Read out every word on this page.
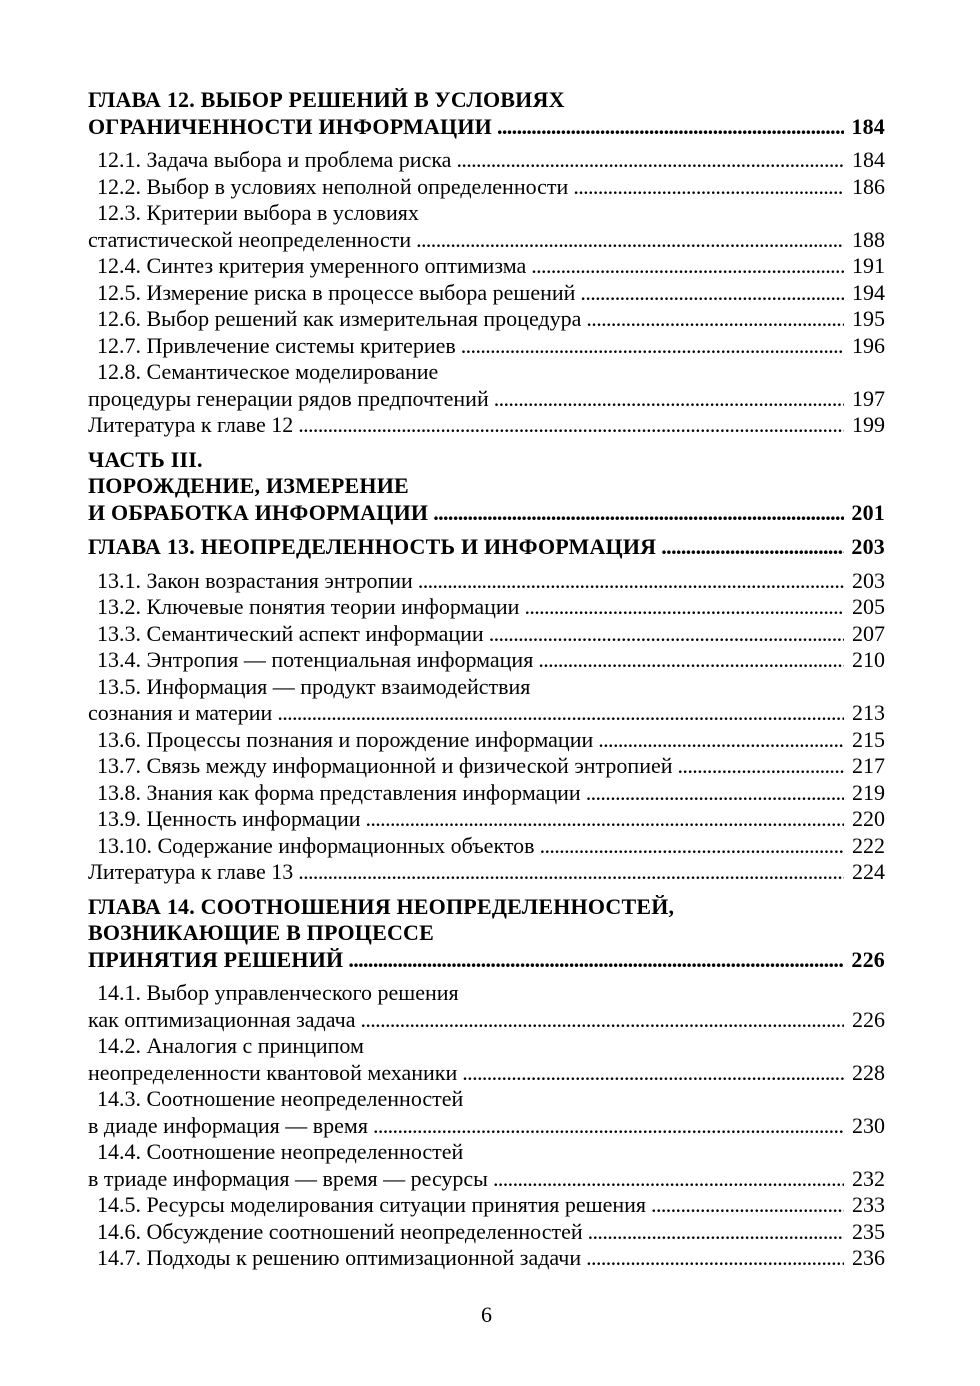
ГЛАВА 12. ВЫБОР РЕШЕНИЙ В УСЛОВИЯХ
ОГРАНИЧЕННОСТИ ИНФОРМАЦИИ .....	184
12.1. Задача выбора и проблема риска .....	184
12.2. Выбор в условиях неполной определенности .....	186
12.3. Критерии выбора в условиях
статистической неопределенности .....	188
12.4. Синтез критерия умеренного оптимизма .....	191
12.5. Измерение риска в процессе выбора решений .....	194
12.6. Выбор решений как измерительная процедура .....	195
12.7. Привлечение системы критериев .....	196
12.8. Семантическое моделирование
процедуры генерации рядов предпочтений .....	197
Литература к главе 12 .....	199
ЧАСТЬ III.
ПОРОЖДЕНИЕ, ИЗМЕРЕНИЕ
И ОБРАБОТКА ИНФОРМАЦИИ .....	201
ГЛАВА 13. НЕОПРЕДЕЛЕННОСТЬ И ИНФОРМАЦИЯ .....	203
13.1. Закон возрастания энтропии .....	203
13.2. Ключевые понятия теории информации .....	205
13.3. Семантический аспект информации .....	207
13.4. Энтропия — потенциальная информация .....	210
13.5. Информация — продукт взаимодействия
сознания и материи .....	213
13.6. Процессы познания и порождение информации .....	215
13.7. Связь между информационной и физической энтропией .....	217
13.8. Знания как форма представления информации .....	219
13.9. Ценность информации .....	220
13.10. Содержание информационных объектов .....	222
Литература к главе 13 .....	224
ГЛАВА 14. СООТНОШЕНИЯ НЕОПРЕДЕЛЕННОСТЕЙ,
ВОЗНИКАЮЩИЕ В ПРОЦЕССЕ
ПРИНЯТИЯ РЕШЕНИЙ .....	226
14.1. Выбор управленческого решения
как оптимизационная задача .....	226
14.2. Аналогия с принципом
неопределенности квантовой механики .....	228
14.3. Соотношение неопределенностей
в диаде информация — время .....	230
14.4. Соотношение неопределенностей
в триаде информация — время — ресурсы .....	232
14.5. Ресурсы моделирования ситуации принятия решения .....	233
14.6. Обсуждение соотношений неопределенностей .....	235
14.7. Подходы к решению оптимизационной задачи .....	236
6
